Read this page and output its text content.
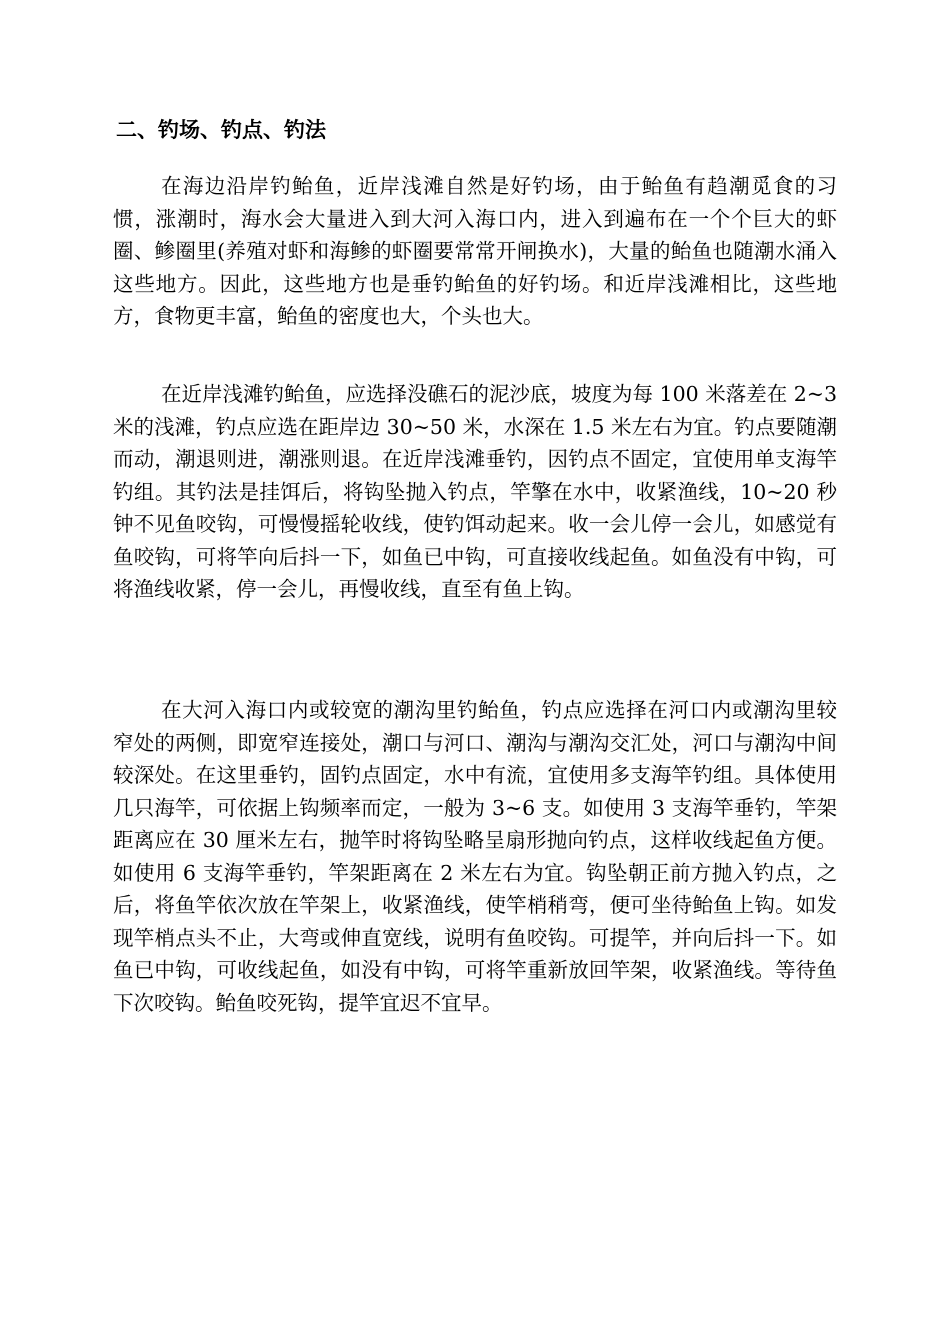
二、钓场、钓点、钓法

在海边沿岸钓鲐鱼，近岸浅滩自然是好钓场，由于鲐鱼有趋潮觅食的习惯，涨潮时，海水会大量进入到大河入海口内，进入到遍布在一个个巨大的虾圈、鲹圈里(养殖对虾和海鲹的虾圈要常常开闸换水)，大量的鲐鱼也随潮水涌入这些地方。因此，这些地方也是垂钓鲐鱼的好钓场。和近岸浅滩相比，这些地方，食物更丰富，鲐鱼的密度也大，个头也大。

在近岸浅滩钓鲐鱼，应选择没礁石的泥沙底，坡度为每 100 米落差在 2~3 米的浅滩，钓点应选在距岸边 30~50 米，水深在 1.5 米左右为宜。钓点要随潮而动，潮退则进，潮涨则退。在近岸浅滩垂钓，因钓点不固定，宜使用单支海竿钓组。其钓法是挂饵后，将钩坠抛入钓点，竿擎在水中，收紧渔线，10~20 秒钟不见鱼咬钩，可慢慢摇轮收线，使钓饵动起来。收一会儿停一会儿，如感觉有鱼咬钩，可将竿向后抖一下，如鱼已中钩，可直接收线起鱼。如鱼没有中钩，可将渔线收紧，停一会儿，再慢收线，直至有鱼上钩。

在大河入海口内或较宽的潮沟里钓鲐鱼，钓点应选择在河口内或潮沟里较窄处的两侧，即宽窄连接处，潮口与河口、潮沟与潮沟交汇处，河口与潮沟中间较深处。在这里垂钓，固钓点固定，水中有流，宜使用多支海竿钓组。具体使用几只海竿，可依据上钩频率而定，一般为 3~6 支。如使用 3 支海竿垂钓，竿架距离应在 30 厘米左右，抛竿时将钩坠略呈扇形抛向钓点，这样收线起鱼方便。如使用 6 支海竿垂钓，竿架距离在 2 米左右为宜。钩坠朝正前方抛入钓点，之后，将鱼竿依次放在竿架上，收紧渔线，使竿梢稍弯，便可坐待鲐鱼上钩。如发现竿梢点头不止，大弯或伸直宽线，说明有鱼咬钩。可提竿，并向后抖一下。如鱼已中钩，可收线起鱼，如没有中钩，可将竿重新放回竿架，收紧渔线。等待鱼下次咬钩。鲐鱼咬死钩，提竿宜迟不宜早。
